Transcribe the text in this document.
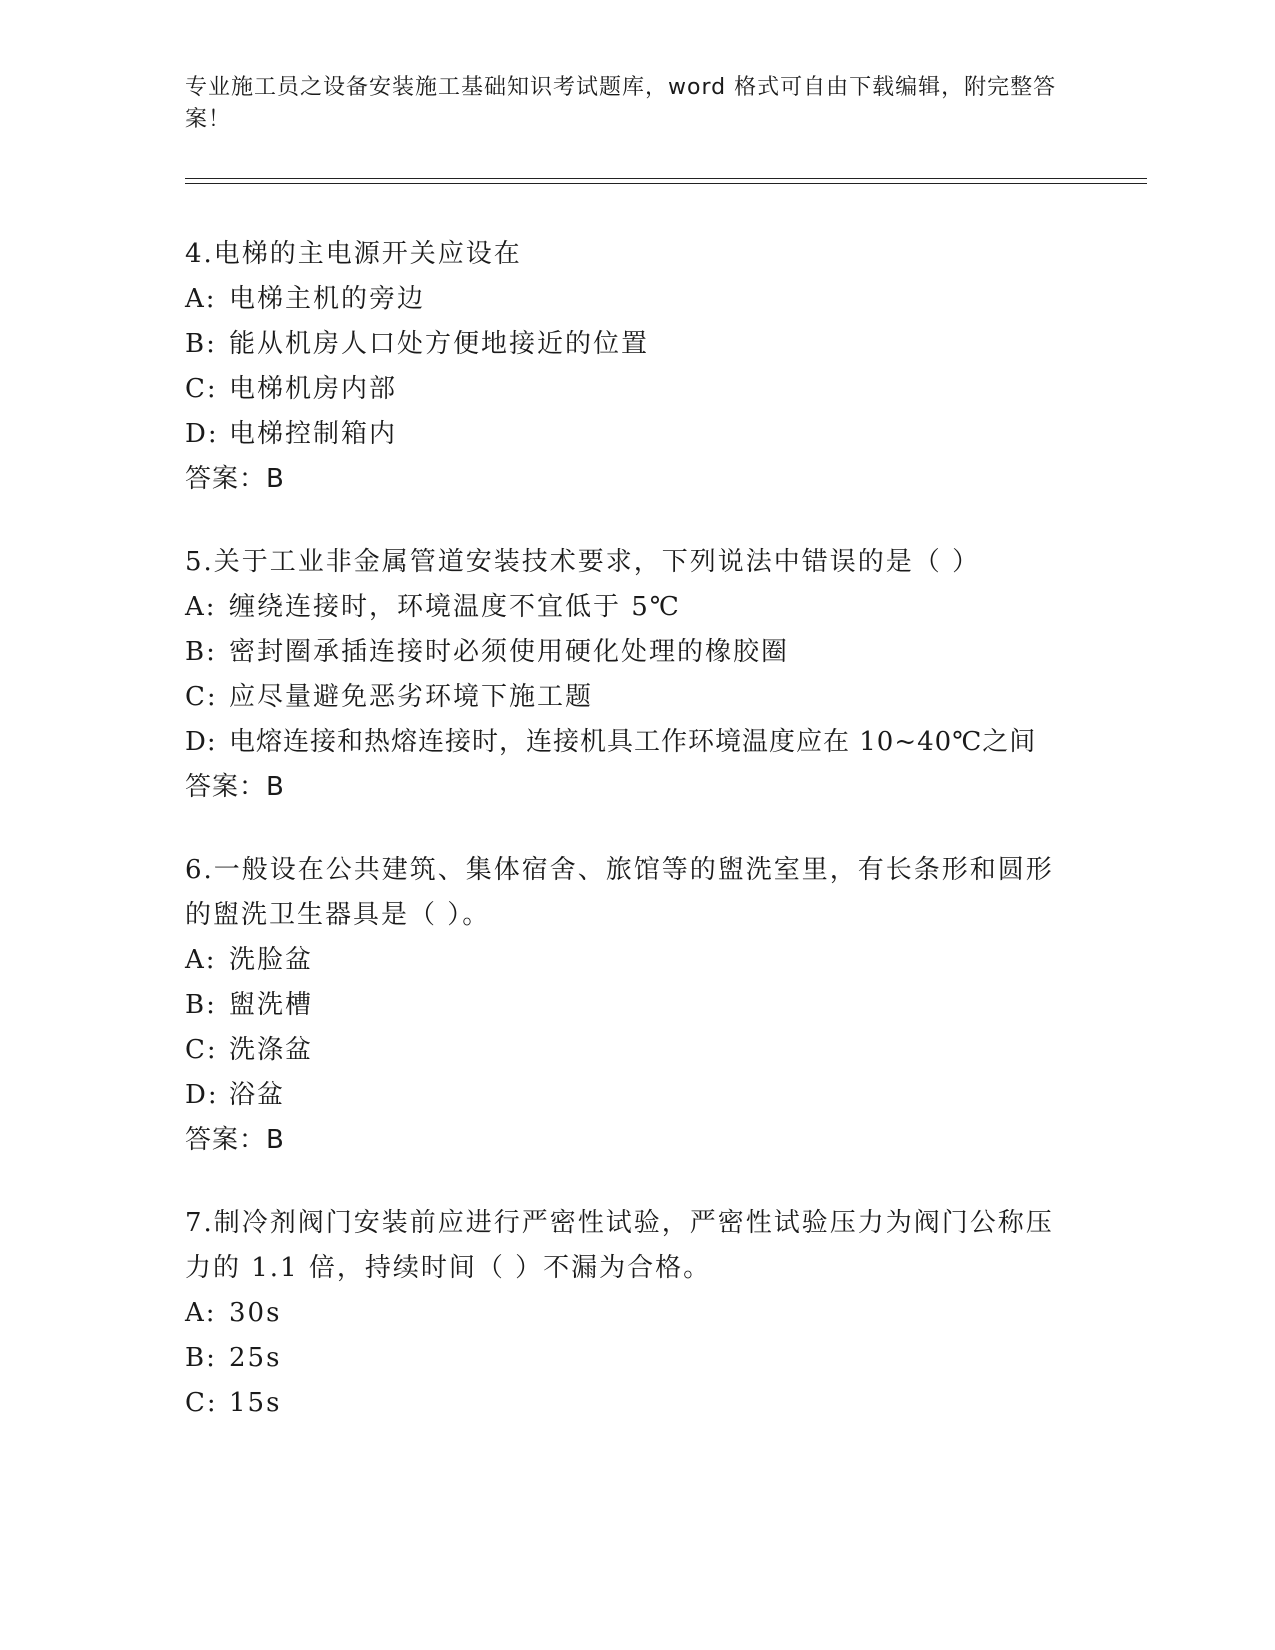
专业施工员之设备安装施工基础知识考试题库，word 格式可自由下载编辑，附完整答案！
4.电梯的主电源开关应设在
A: 电梯主机的旁边
B: 能从机房人口处方便地接近的位置
C: 电梯机房内部
D: 电梯控制箱内
答案：B
5.关于工业非金属管道安装技术要求，下列说法中错误的是（ ）
A: 缠绕连接时，环境温度不宜低于 5℃
B: 密封圈承插连接时必须使用硬化处理的橡胶圈
C: 应尽量避免恶劣环境下施工题
D: 电熔连接和热熔连接时，连接机具工作环境温度应在 10~40℃之间
答案：B
6.一般设在公共建筑、集体宿舍、旅馆等的盥洗室里，有长条形和圆形的盥洗卫生器具是（ ）。
A: 洗脸盆
B: 盥洗槽
C: 洗涤盆
D: 浴盆
答案：B
7.制冷剂阀门安装前应进行严密性试验，严密性试验压力为阀门公称压力的 1.1 倍，持续时间（ ）不漏为合格。
A: 30s
B: 25s
C: 15s
